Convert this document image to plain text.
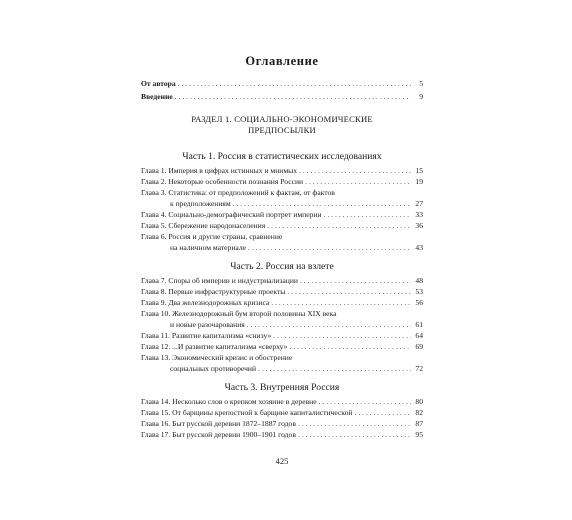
Оглавление
От автора . . .	5
Введение . . .	9
РАЗДЕЛ 1. СОЦИАЛЬНО-ЭКОНОМИЧЕСКИЕ
ПРЕДПОСЫЛКИ
Часть 1. Россия в статистических исследованиях
Глава 1. Империя в цифрах истинных и мнимых . . .	15
Глава 2. Некоторые особенности познания России . . .	19
Глава 3. Статистика: от предположений к фактам, от фактов
к предположениям . . .	27
Глава 4. Социально-демографический портрет империи . . .	33
Глава 5. Сбережение народонаселения . . .	36
Глава 6. Россия и другие страны, сравнение
на наличном материале . . .	43
Часть 2. Россия на взлете
Глава 7. Споры об империи и индустриализации . . .	48
Глава 8. Первые инфраструктурные проекты . . .	53
Глава 9. Два железнодорожных кризиса . . .	56
Глава 10. Железнодорожный бум второй половины XIX века
и новые разочарования . . .	61
Глава 11. Развитие капитализма «снизу» . . .	64
Глава 12. ...И развитие капитализма «сверху» . . .	69
Глава 13. Экономический кризис и обострение
социальных противоречий . . .	72
Часть 3. Внутренняя Россия
Глава 14. Несколько слов о крепком хозяине в деревне . . .	80
Глава 15. От барщины крепостной к барщине капиталистической . . .	82
Глава 16. Быт русской деревни 1872–1887 годов . . .	87
Глава 17. Быт русской деревни 1900–1901 годов . . .	95
425
